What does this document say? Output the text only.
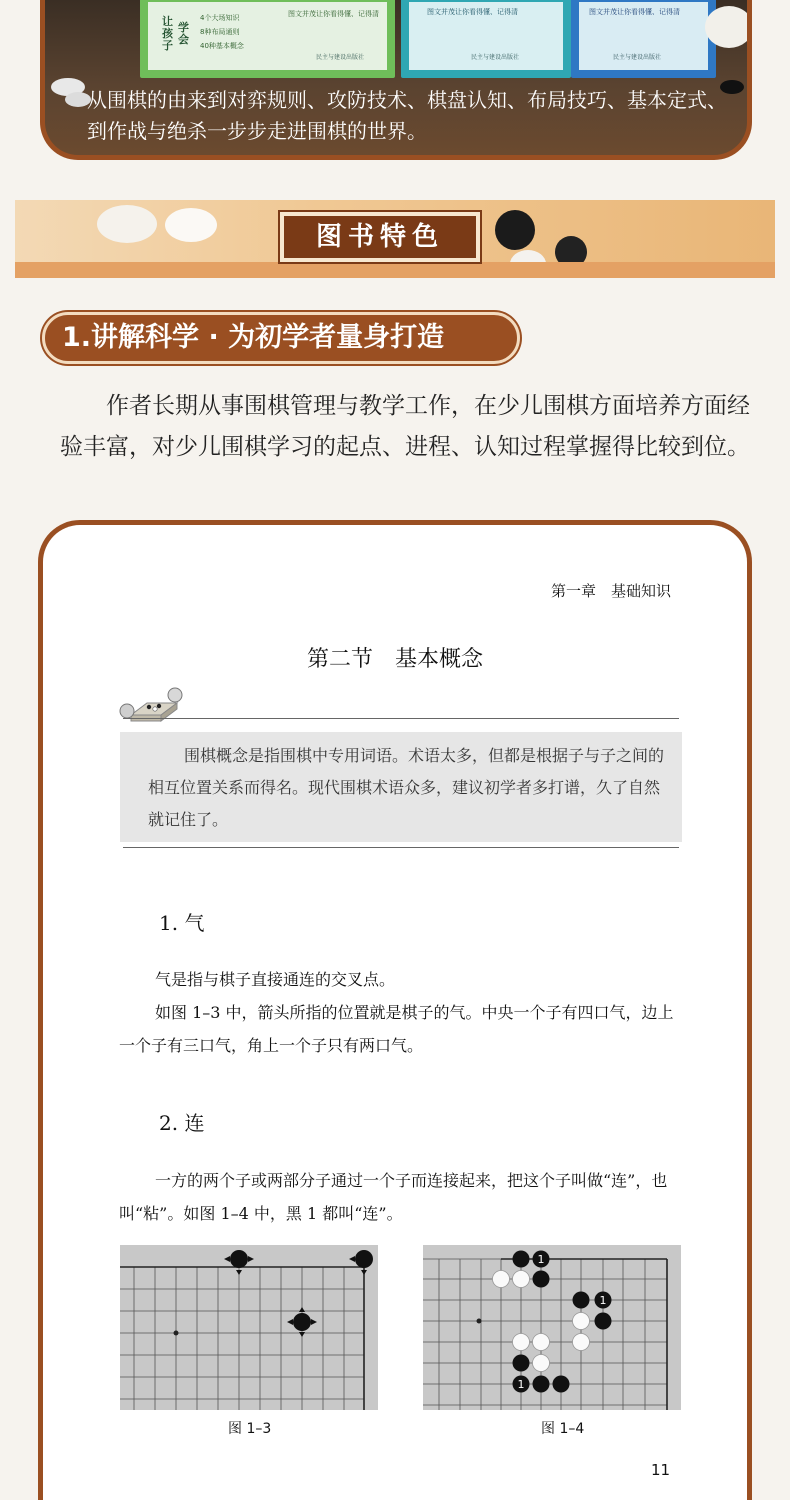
让孩子
学会
4个大场知识
8种布局通则
40种基本概念
图文并茂让你看得懂、记得清
民主与建设出版社
图文并茂让你看得懂、记得清
民主与建设出版社
图文并茂让你看得懂、记得清
民主与建设出版社
从围棋的由来到对弈规则、攻防技术、棋盘认知、布局技巧、基本定式、到作战与绝杀一步步走进围棋的世界。
图书特色
1.讲解科学 · 为初学者量身打造
作者长期从事围棋管理与教学工作，在少儿围棋方面培养方面经验丰富，对少儿围棋学习的起点、进程、认知过程掌握得比较到位。
第一章　基础知识
第二节　基本概念
围棋概念是指围棋中专用词语。术语太多，但都是根据子与子之间的相互位置关系而得名。现代围棋术语众多，建议初学者多打谱，久了自然就记住了。
1. 气
气是指与棋子直接通连的交叉点。
如图 1–3 中，箭头所指的位置就是棋子的气。中央一个子有四口气，边上一个子有三口气，角上一个子只有两口气。
2. 连
一方的两个子或两部分子通过一个子而连接起来，把这个子叫做“连”，也叫“粘”。如图 1–4 中，黑 1 都叫“连”。
1
1
1
图 1–3	图 1–4
11
